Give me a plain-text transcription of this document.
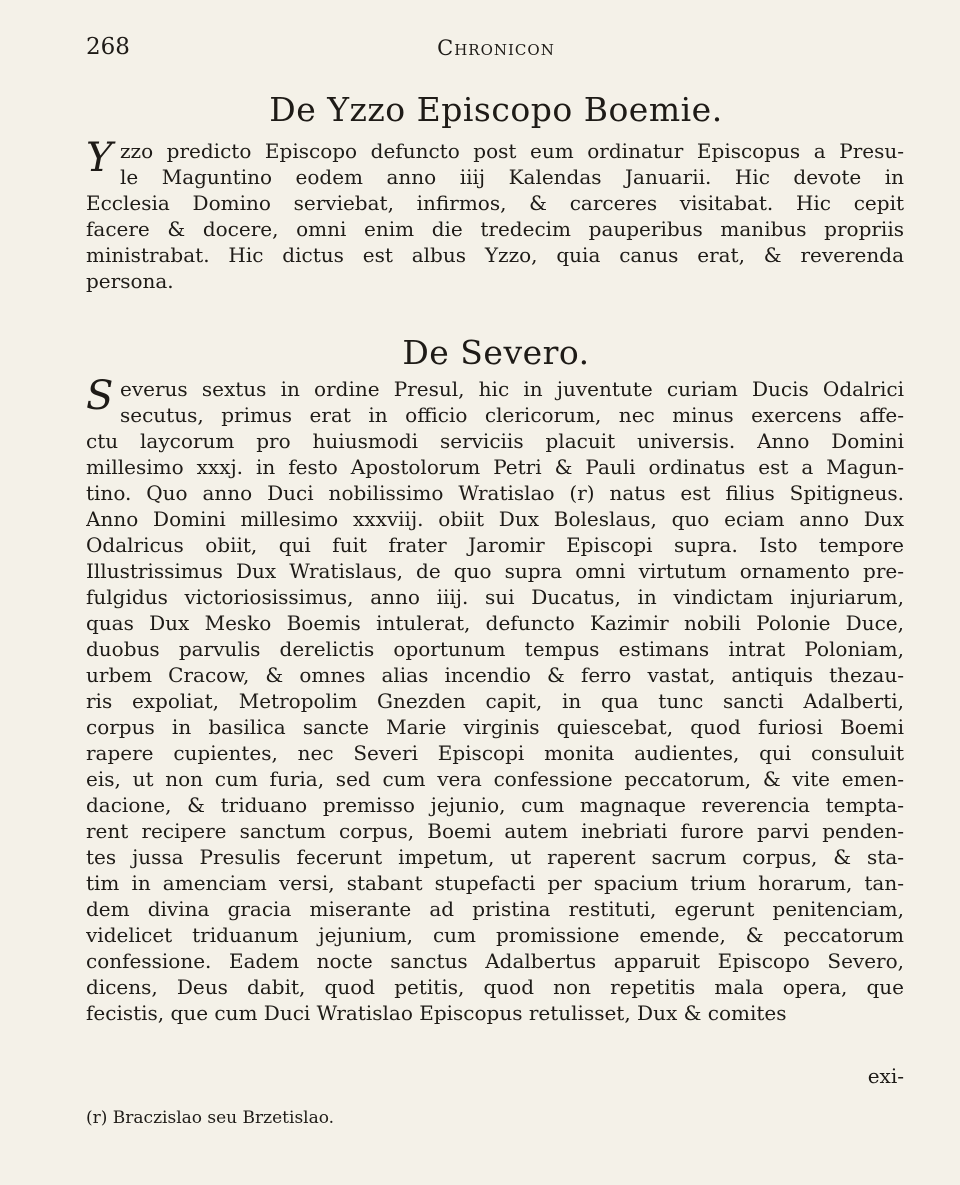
268	Chronicon
De Yzzo Episcopo Boemie.
Y zzo predicto Episcopo defuncto post eum ordinatur Episcopus a Presu-
le Maguntino eodem anno iiij Kalendas Januarii. Hic devote in
Ecclesia Domino serviebat, infirmos, & carceres visitabat. Hic cepit
facere & docere, omni enim die tredecim pauperibus manibus propriis
ministrabat. Hic dictus est albus Yzzo, quia canus erat, & reverenda
persona.
De Severo.
S everus sextus in ordine Presul, hic in juventute curiam Ducis Odalrici
secutus, primus erat in officio clericorum, nec minus exercens affe-
ctu laycorum pro huiusmodi serviciis placuit universis. Anno Domini
millesimo xxxj. in festo Apostolorum Petri & Pauli ordinatus est a Magun-
tino. Quo anno Duci nobilissimo Wratislao (r) natus est filius Spitigneus.
Anno Domini millesimo xxxviij. obiit Dux Boleslaus, quo eciam anno Dux
Odalricus obiit, qui fuit frater Jaromir Episcopi supra. Isto tempore
Illustrissimus Dux Wratislaus, de quo supra omni virtutum ornamento pre-
fulgidus victoriosissimus, anno iiij. sui Ducatus, in vindictam injuriarum,
quas Dux Mesko Boemis intulerat, defuncto Kazimir nobili Polonie Duce,
duobus parvulis derelictis oportunum tempus estimans intrat Poloniam,
urbem Cracow, & omnes alias incendio & ferro vastat, antiquis thezau-
ris expoliat, Metropolim Gnezden capit, in qua tunc sancti Adalberti,
corpus in basilica sancte Marie virginis quiescebat, quod furiosi Boemi
rapere cupientes, nec Severi Episcopi monita audientes, qui consuluit
eis, ut non cum furia, sed cum vera confessione peccatorum, & vite emen-
dacione, & triduano premisso jejunio, cum magnaque reverencia tempta-
rent recipere sanctum corpus, Boemi autem inebriati furore parvi penden-
tes jussa Presulis fecerunt impetum, ut raperent sacrum corpus, & sta-
tim in amenciam versi, stabant stupefacti per spacium trium horarum, tan-
dem divina gracia miserante ad pristina restituti, egerunt penitenciam,
videlicet triduanum jejunium, cum promissione emende, & peccatorum
confessione. Eadem nocte sanctus Adalbertus apparuit Episcopo Severo,
dicens, Deus dabit, quod petitis, quod non repetitis mala opera, que
fecistis, que cum Duci Wratislao Episcopus retulisset, Dux & comites
exi-
(r) Braczislao seu Brzetislao.
